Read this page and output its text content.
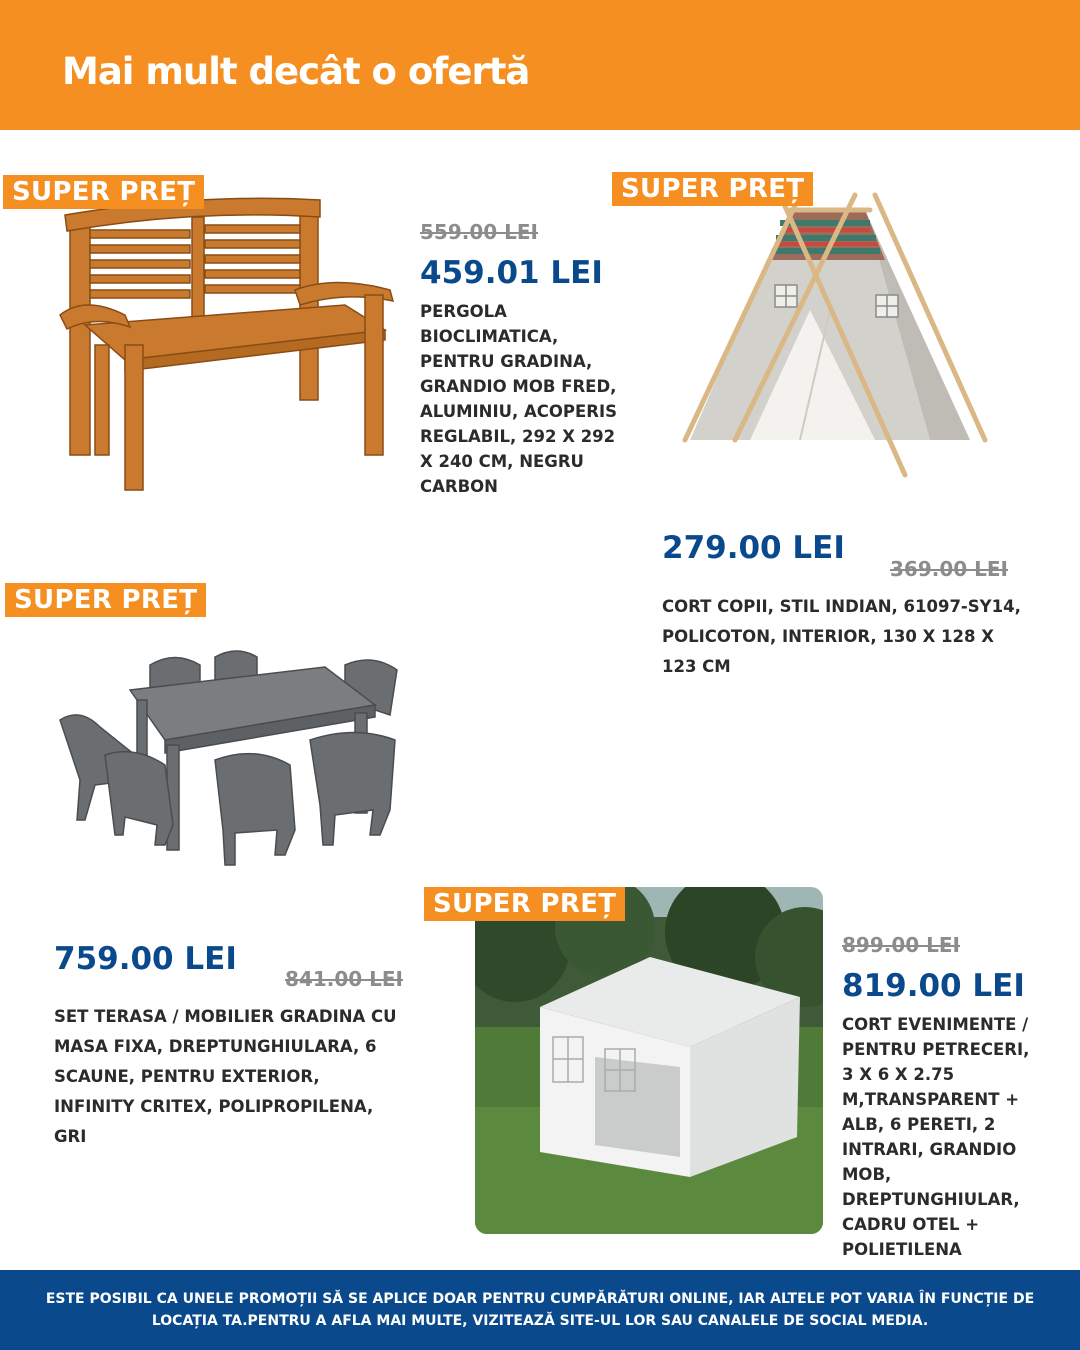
Mai mult decât o ofertă
SUPER PREȚ
559.00 LEI
459.01 LEI
PERGOLA BIOCLIMATICA, PENTRU GRADINA, GRANDIO MOB FRED, ALUMINIU, ACOPERIS REGLABIL, 292 X 292 X 240 CM, NEGRU CARBON
SUPER PREȚ
279.00 LEI
369.00 LEI
CORT COPII, STIL INDIAN, 61097-SY14, POLICOTON, INTERIOR, 130 X 128 X 123 CM
SUPER PREȚ
759.00 LEI
841.00 LEI
SET TERASA / MOBILIER GRADINA CU MASA FIXA, DREPTUNGHIULARA, 6 SCAUNE, PENTRU EXTERIOR, INFINITY CRITEX, POLIPROPILENA, GRI
SUPER PREȚ
899.00 LEI
819.00 LEI
CORT EVENIMENTE / PENTRU PETRECERI, 3 X 6 X 2.75 M,TRANSPARENT + ALB, 6 PERETI, 2 INTRARI, GRANDIO MOB, DREPTUNGHIULAR, CADRU OTEL + POLIETILENA
ESTE POSIBIL CA UNELE PROMOȚII SĂ SE APLICE DOAR PENTRU CUMPĂRĂTURI ONLINE, IAR ALTELE POT VARIA ÎN FUNCȚIE DE LOCAȚIA TA.PENTRU A AFLA MAI MULTE, VIZITEAZĂ SITE-UL LOR SAU CANALELE DE SOCIAL MEDIA.
